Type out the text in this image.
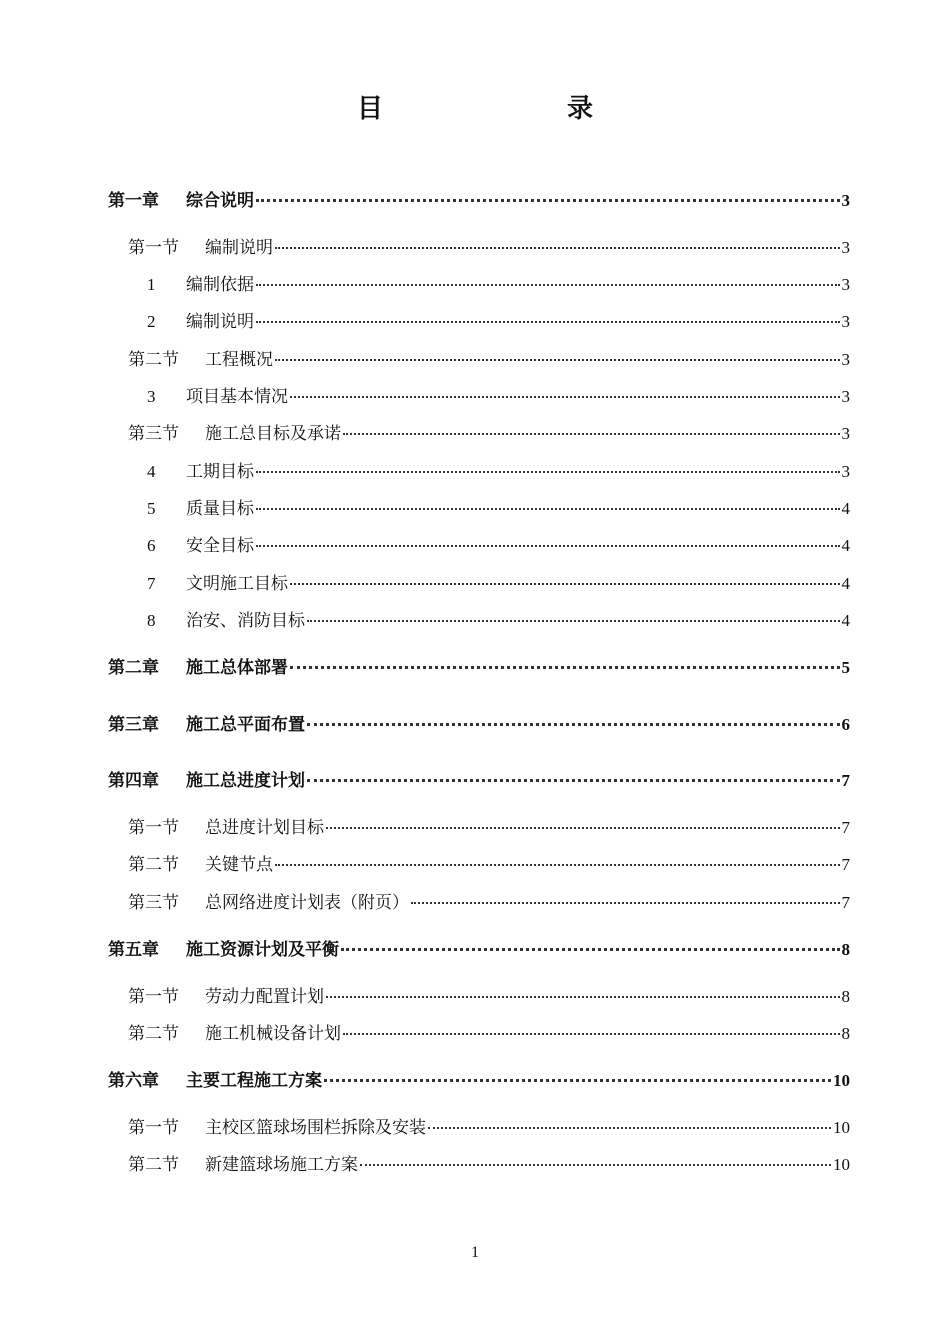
目　　录
第一章	综合说明	3
第一节	编制说明	3
1	编制依据	3
2	编制说明	3
第二节	工程概况	3
3	项目基本情况	3
第三节	施工总目标及承诺	3
4	工期目标	3
5	质量目标	4
6	安全目标	4
7	文明施工目标	4
8	治安、消防目标	4
第二章	施工总体部署	5
第三章	施工总平面布置	6
第四章	施工总进度计划	7
第一节	总进度计划目标	7
第二节	关键节点	7
第三节	总网络进度计划表（附页）	7
第五章	施工资源计划及平衡	8
第一节	劳动力配置计划	8
第二节	施工机械设备计划	8
第六章	主要工程施工方案	10
第一节	主校区篮球场围栏拆除及安装	10
第二节	新建篮球场施工方案	10
1
